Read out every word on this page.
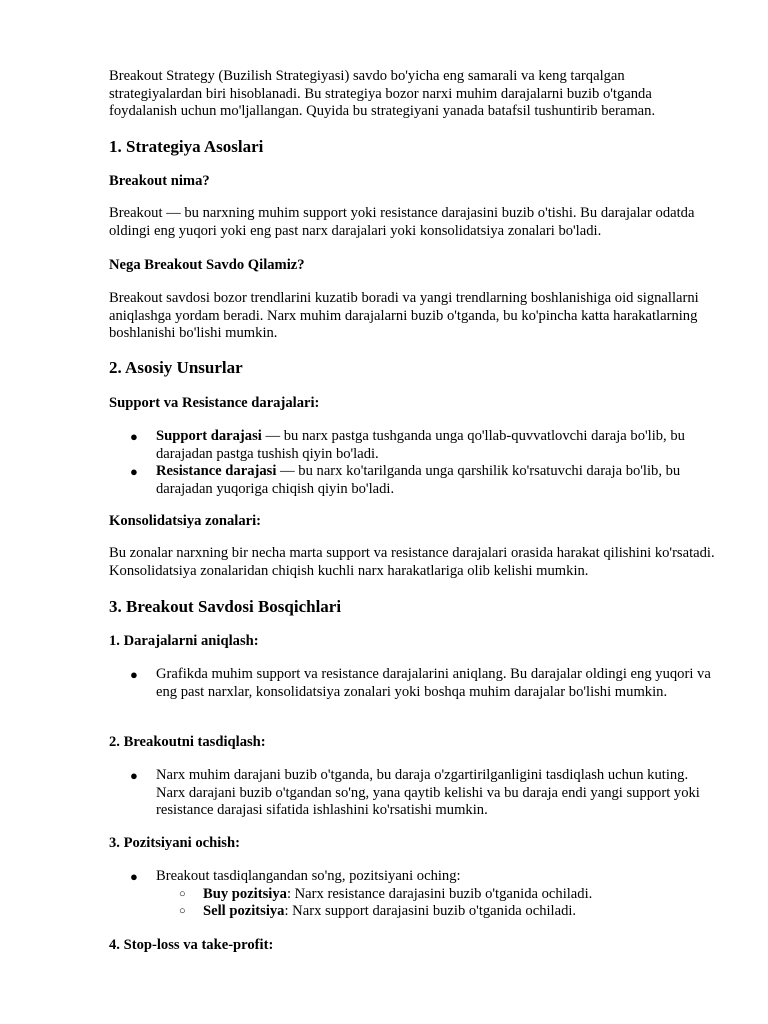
Breakout Strategy (Buzilish Strategiyasi) savdo bo'yicha eng samarali va keng tarqalgan strategiyalardan biri hisoblanadi. Bu strategiya bozor narxi muhim darajalarni buzib o'tganda foydalanish uchun mo'ljallangan. Quyida bu strategiyani yanada batafsil tushuntirib beraman.

1. Strategiya Asoslari
Breakout nima?

Breakout — bu narxning muhim support yoki resistance darajasini buzib o'tishi. Bu darajalar odatda oldingi eng yuqori yoki eng past narx darajalari yoki konsolidatsiya zonalari bo'ladi.

Nega Breakout Savdo Qilamiz?

Breakout savdosi bozor trendlarini kuzatib boradi va yangi trendlarning boshlanishiga oid signallarni aniqlashga yordam beradi. Narx muhim darajalarni buzib o'tganda, bu ko'pincha katta harakatlarning boshlanishi bo'lishi mumkin.

2. Asosiy Unsurlar
Support va Resistance darajalari:
● Support darajasi — bu narx pastga tushganda unga qo'llab-quvvatlovchi daraja bo'lib, bu darajadan pastga tushish qiyin bo'ladi.
● Resistance darajasi — bu narx ko'tarilganda unga qarshilik ko'rsatuvchi daraja bo'lib, bu darajadan yuqoriga chiqish qiyin bo'ladi.
Konsolidatsiya zonalari:

Bu zonalar narxning bir necha marta support va resistance darajalari orasida harakat qilishini ko'rsatadi. Konsolidatsiya zonalaridan chiqish kuchli narx harakatlariga olib kelishi mumkin.

3. Breakout Savdosi Bosqichlari
1. Darajalarni aniqlash:
● Grafikda muhim support va resistance darajalarini aniqlang. Bu darajalar oldingi eng yuqori va eng past narxlar, konsolidatsiya zonalari yoki boshqa muhim darajalar bo'lishi mumkin.
2. Breakoutni tasdiqlash:
● Narx muhim darajani buzib o'tganda, bu daraja o'zgartirilganligini tasdiqlash uchun kuting. Narx darajani buzib o'tgandan so'ng, yana qaytib kelishi va bu daraja endi yangi support yoki resistance darajasi sifatida ishlashini ko'rsatishi mumkin.
3. Pozitsiyani ochish:
● Breakout tasdiqlangandan so'ng, pozitsiyani oching:
○ Buy pozitsiya: Narx resistance darajasini buzib o'tganida ochiladi.
○ Sell pozitsiya: Narx support darajasini buzib o'tganida ochiladi.
4. Stop-loss va take-profit:
